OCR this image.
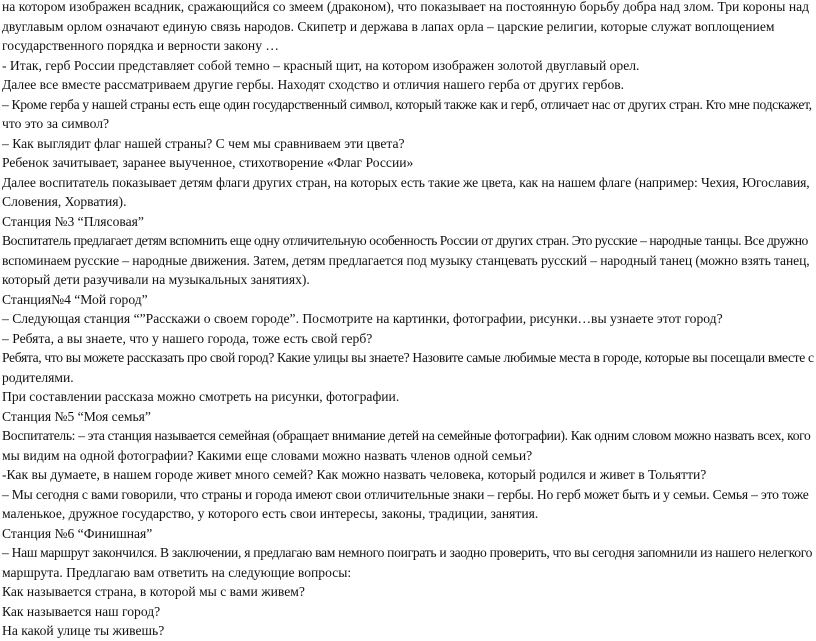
на котором изображен всадник, сражающийся со змеем (драконом), что показывает на постоянную борьбу добра над злом. Три короны над

двуглавым орлом означают единую связь народов. Скипетр и держава в лапах орла – царские религии, которые служат воплощением

государственного порядка и верности закону …

- Итак, герб России представляет собой темно – красный щит, на котором изображен золотой двуглавый орел.

Далее все вместе рассматриваем другие гербы. Находят сходство и отличия нашего герба от других гербов.

– Кроме герба у нашей страны есть еще один государственный символ, который также как и герб, отличает нас от других стран. Кто мне подскажет,

что это за символ?

– Как выглядит флаг нашей страны? С чем мы сравниваем эти цвета?

Ребенок зачитывает, заранее выученное, стихотворение «Флаг России»

Далее воспитатель показывает детям флаги других стран, на которых есть такие же цвета, как на нашем флаге (например: Чехия, Югославия,

Словения, Хорватия).

Станция №3 “Плясовая”

Воспитатель предлагает детям вспомнить еще одну отличительную особенность России от других стран. Это русские – народные танцы. Все дружно

вспоминаем русские – народные движения. Затем, детям предлагается под музыку станцевать русский – народный танец (можно взять танец,

который дети разучивали на музыкальных занятиях).

Станция№4 “Мой город”

– Следующая станция “”Расскажи о своем городе”. Посмотрите на картинки, фотографии, рисунки…вы узнаете этот город?

– Ребята, а вы знаете, что у нашего города, тоже есть свой герб?

Ребята, что вы можете рассказать про свой город? Какие улицы вы знаете? Назовите самые любимые места в городе, которые вы посещали вместе с

родителями.

При составлении рассказа можно смотреть на рисунки, фотографии.

Станция №5 “Моя семья”

Воспитатель: – эта станция называется семейная (обращает внимание детей на семейные фотографии). Как одним словом можно назвать всех, кого

мы видим на одной фотографии? Какими еще словами можно назвать членов одной семьи?

-Как вы думаете, в нашем городе живет много семей? Как можно назвать человека, который родился и живет в Тольятти?

– Мы сегодня с вами говорили, что страны и города имеют свои отличительные знаки – гербы. Но герб может быть и у семьи. Семья – это тоже

маленькое, дружное государство, у которого есть свои интересы, законы, традиции, занятия.

Станция №6 “Финишная”

– Наш маршрут закончился. В заключении, я предлагаю вам немного поиграть и заодно проверить, что вы сегодня запомнили из нашего нелегкого

маршрута. Предлагаю вам ответить на следующие вопросы:

Как называется страна, в которой мы с вами живем?

Как называется наш город?

На какой улице ты живешь?
